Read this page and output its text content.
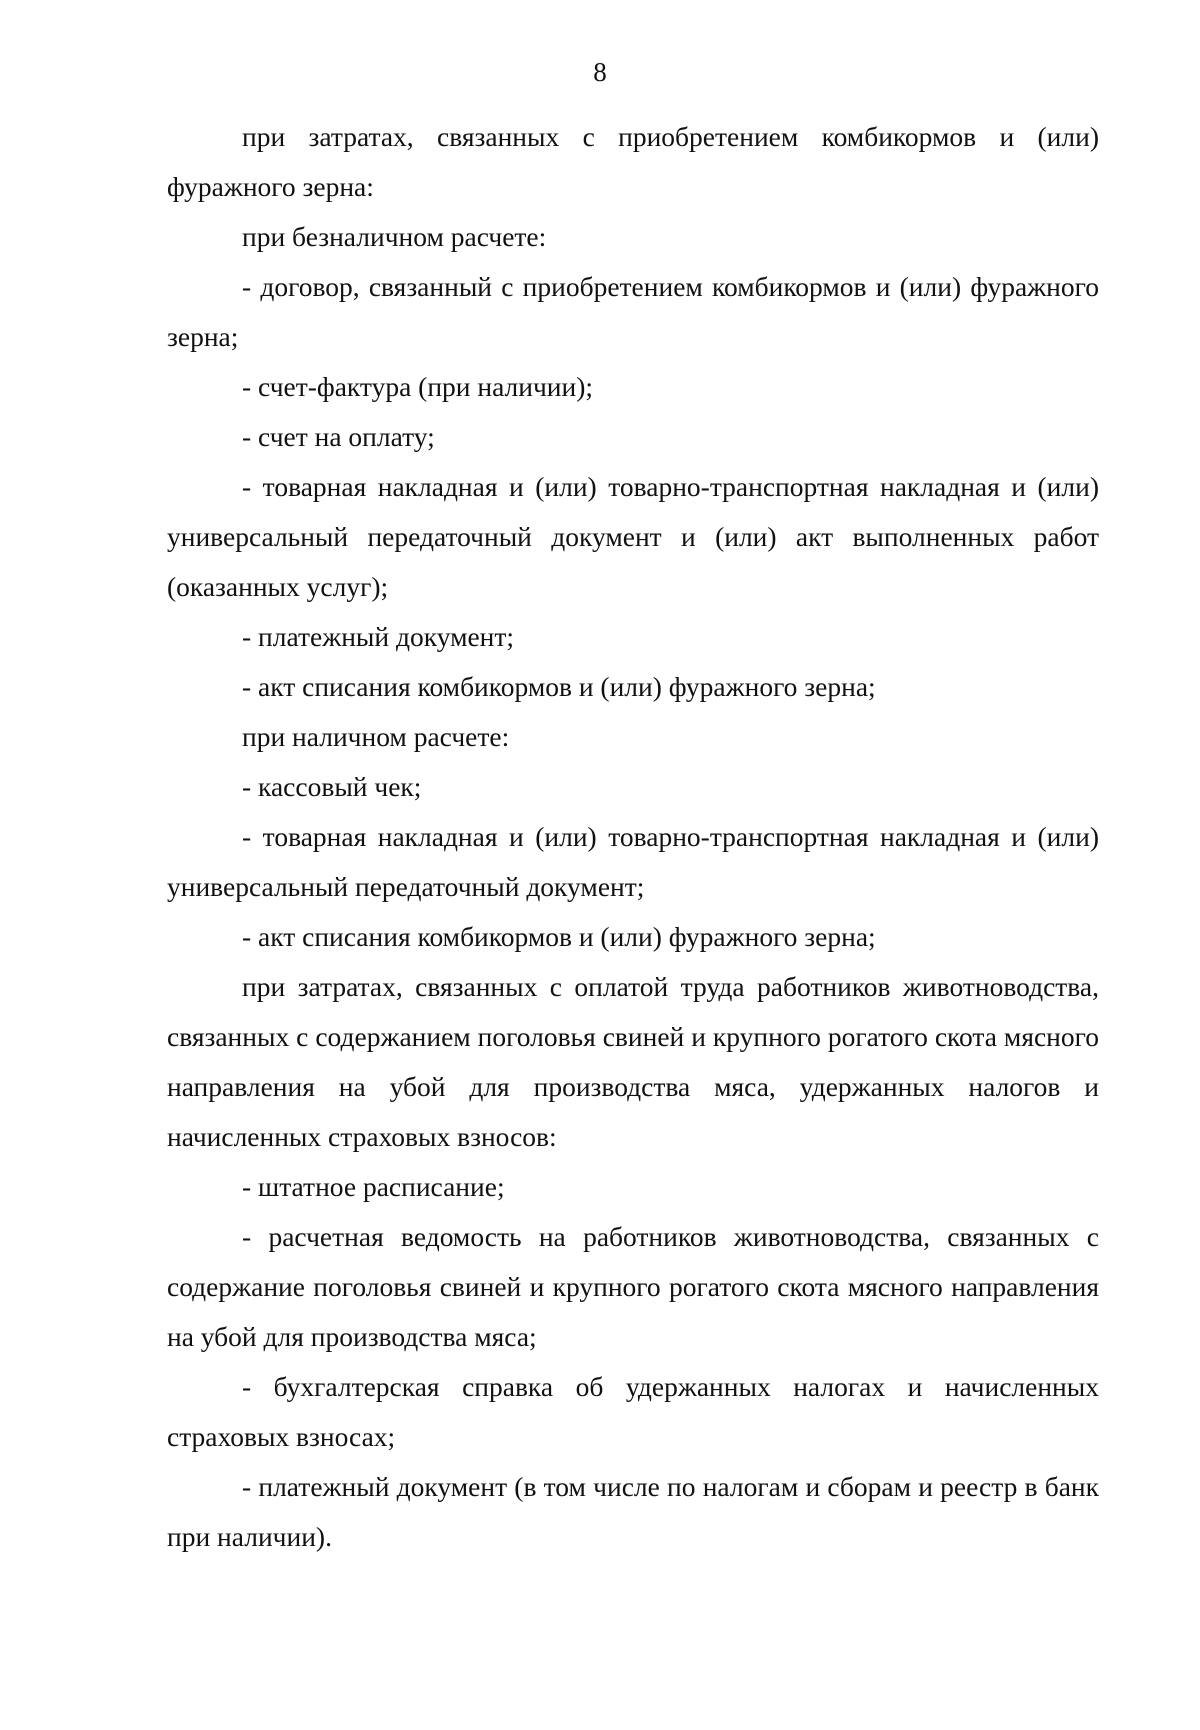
8

при затратах, связанных с приобретением комбикормов и (или) фуражного зерна:

при безналичном расчете:

- договор, связанный с приобретением комбикормов и (или) фуражного зерна;

- счет-фактура (при наличии);

- счет на оплату;

- товарная накладная и (или) товарно-транспортная накладная и (или) универсальный передаточный документ и (или) акт выполненных работ (оказанных услуг);

- платежный документ;

- акт списания комбикормов и (или) фуражного зерна;

при наличном расчете:

- кассовый чек;

- товарная накладная и (или) товарно-транспортная накладная и (или) универсальный передаточный документ;

- акт списания комбикормов и (или) фуражного зерна;

при затратах, связанных с оплатой труда работников животноводства, связанных с содержанием поголовья свиней и крупного рогатого скота мясного направления на убой для производства мяса, удержанных налогов и начисленных страховых взносов:

- штатное расписание;

- расчетная ведомость на работников животноводства, связанных с содержание поголовья свиней и крупного рогатого скота мясного направления на убой для производства мяса;

- бухгалтерская справка об удержанных налогах и начисленных страховых взносах;

- платежный документ (в том числе по налогам и сборам и реестр в банк при наличии).
